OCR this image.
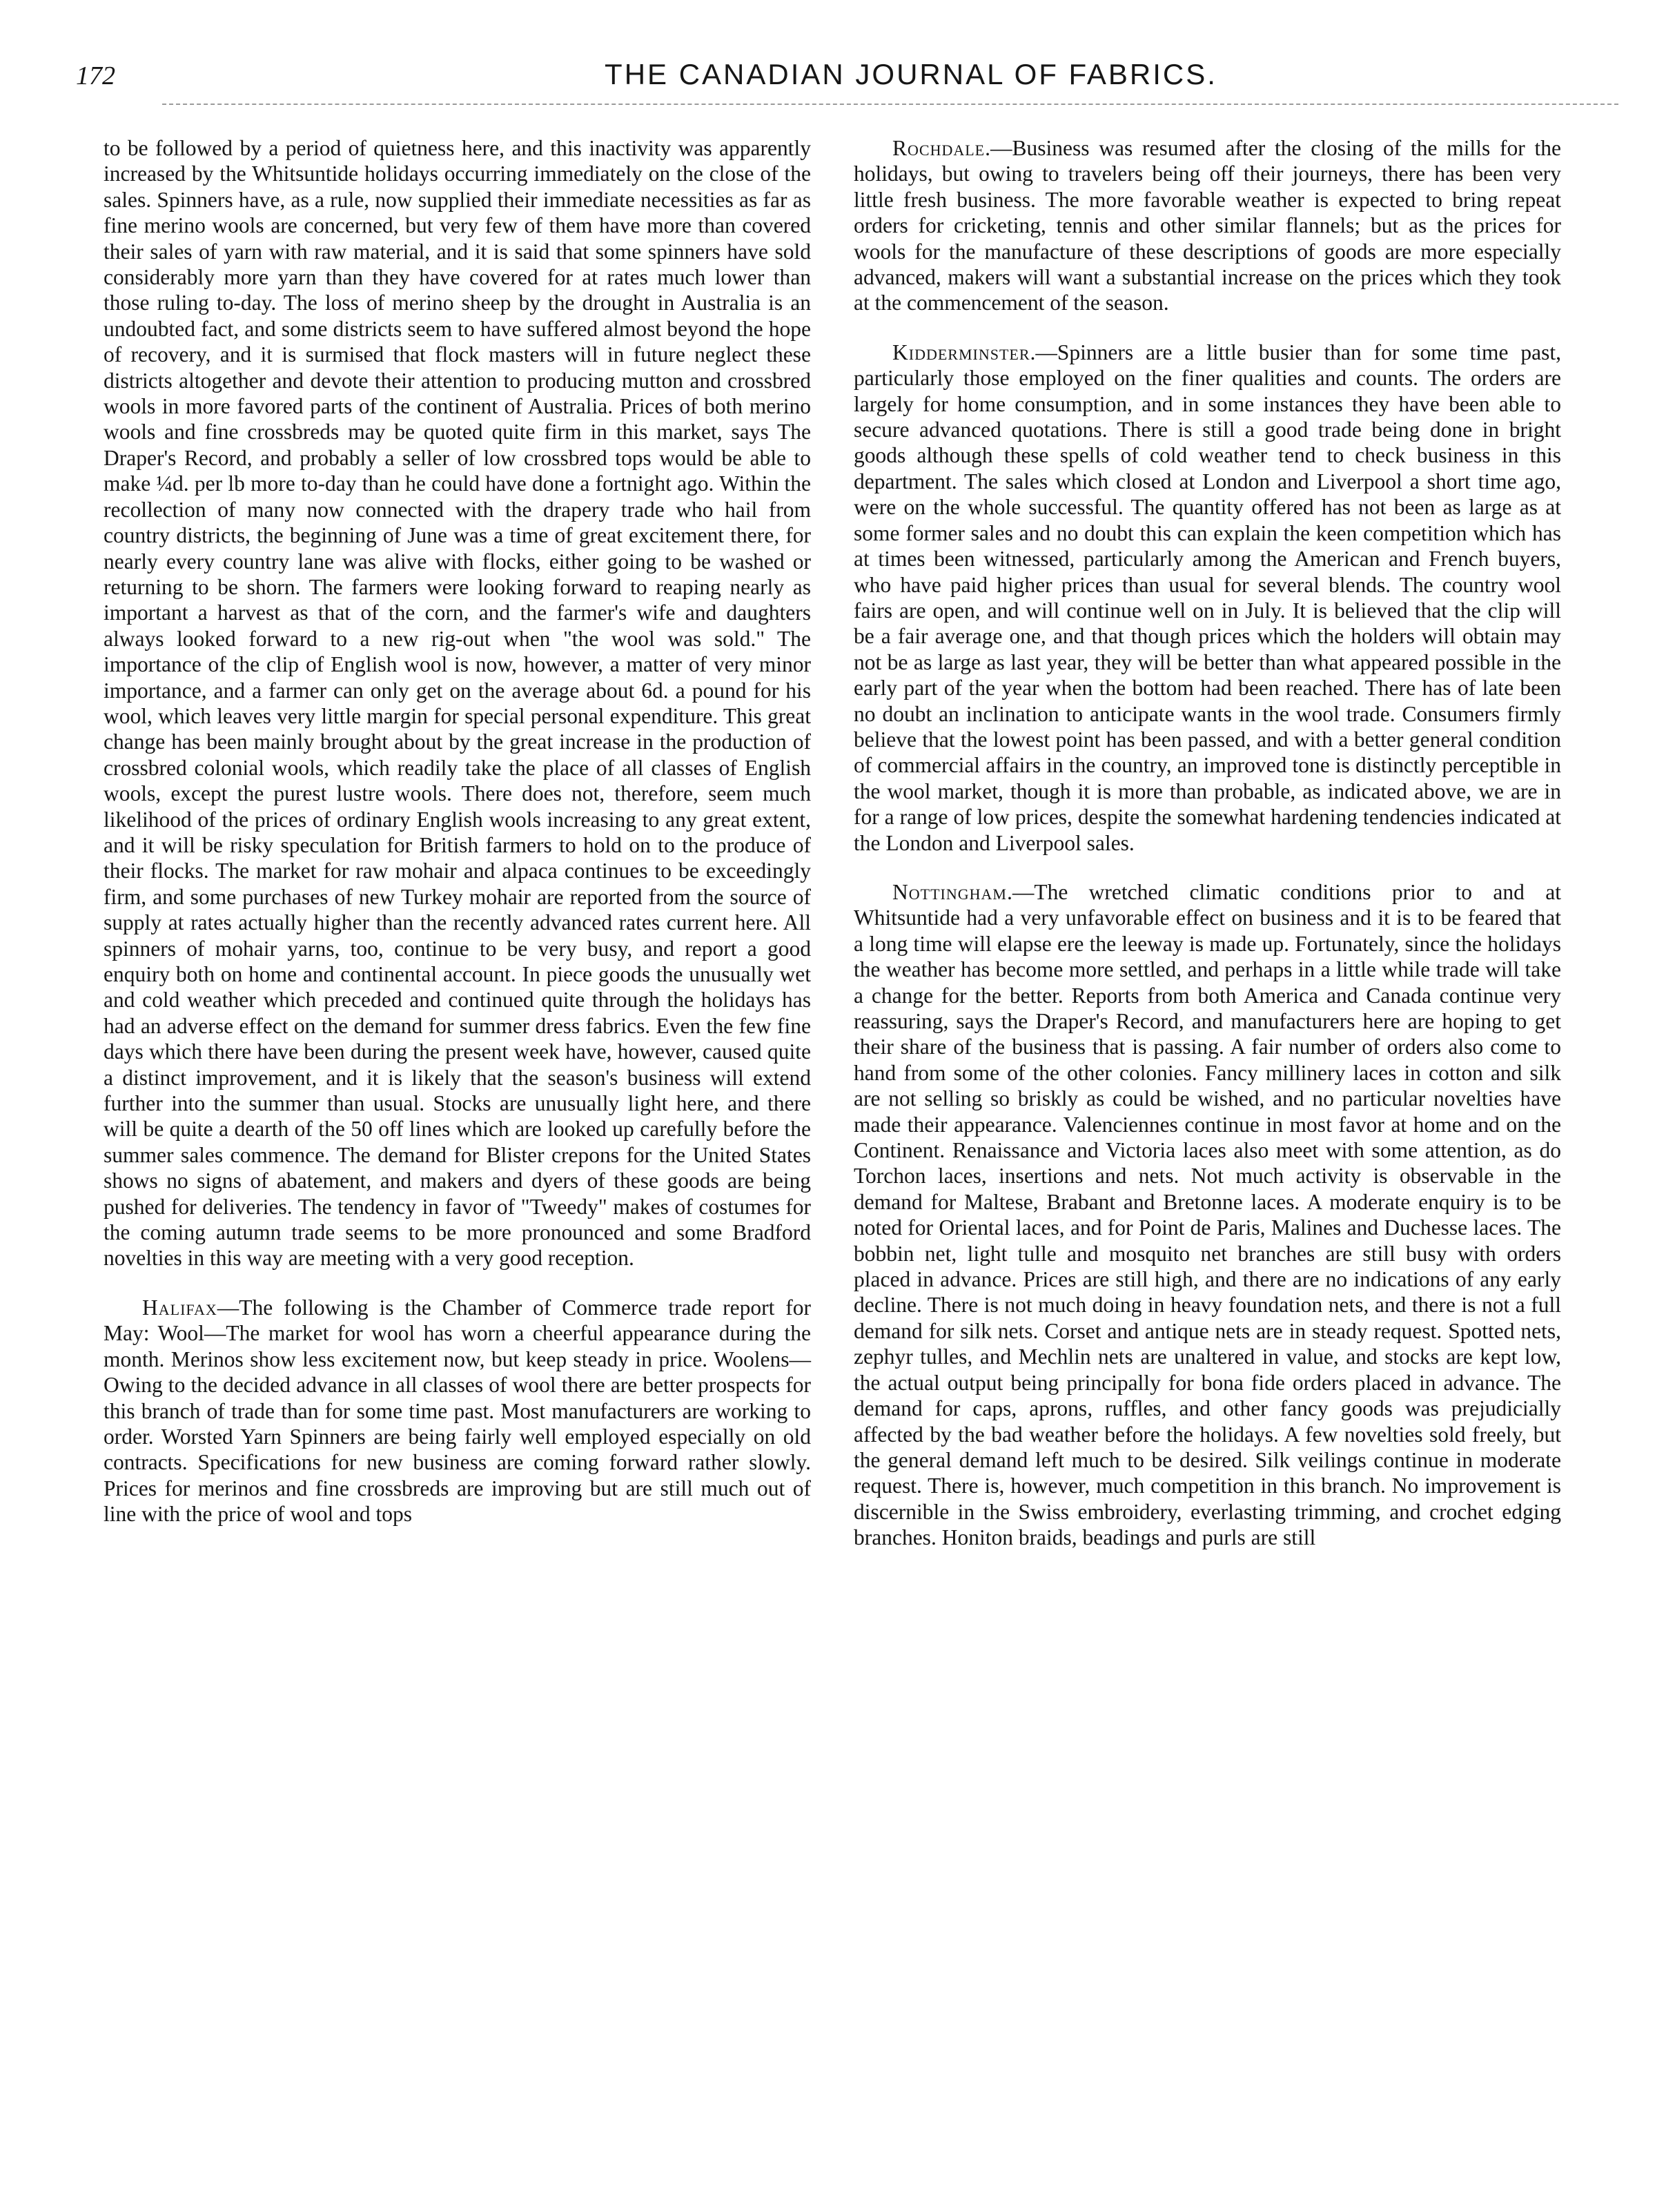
172	THE CANADIAN JOURNAL OF FABRICS.

to be followed by a period of quietness here, and this inactivity was apparently increased by the Whitsuntide holidays occurring immediately on the close of the sales. Spinners have, as a rule, now supplied their immediate necessities as far as fine merino wools are concerned, but very few of them have more than covered their sales of yarn with raw material, and it is said that some spinners have sold considerably more yarn than they have covered for at rates much lower than those ruling to-day. The loss of merino sheep by the drought in Australia is an undoubted fact, and some districts seem to have suffered almost beyond the hope of recovery, and it is surmised that flock masters will in future neglect these districts altogether and devote their attention to producing mutton and crossbred wools in more favored parts of the continent of Australia. Prices of both merino wools and fine crossbreds may be quoted quite firm in this market, says The Draper's Record, and probably a seller of low crossbred tops would be able to make ¼d. per lb more to-day than he could have done a fortnight ago. Within the recollection of many now connected with the drapery trade who hail from country districts, the beginning of June was a time of great excitement there, for nearly every country lane was alive with flocks, either going to be washed or returning to be shorn. The farmers were looking forward to reaping nearly as important a harvest as that of the corn, and the farmer's wife and daughters always looked forward to a new rig-out when "the wool was sold." The importance of the clip of English wool is now, however, a matter of very minor importance, and a farmer can only get on the average about 6d. a pound for his wool, which leaves very little margin for special personal expenditure. This great change has been mainly brought about by the great increase in the production of crossbred colonial wools, which readily take the place of all classes of English wools, except the purest lustre wools. There does not, therefore, seem much likelihood of the prices of ordinary English wools increasing to any great extent, and it will be risky speculation for British farmers to hold on to the produce of their flocks. The market for raw mohair and alpaca continues to be exceedingly firm, and some purchases of new Turkey mohair are reported from the source of supply at rates actually higher than the recently advanced rates current here. All spinners of mohair yarns, too, continue to be very busy, and report a good enquiry both on home and continental account. In piece goods the unusually wet and cold weather which preceded and continued quite through the holidays has had an adverse effect on the demand for summer dress fabrics. Even the few fine days which there have been during the present week have, however, caused quite a distinct improvement, and it is likely that the season's business will extend further into the summer than usual. Stocks are unusually light here, and there will be quite a dearth of the 50 off lines which are looked up carefully before the summer sales commence. The demand for Blister crepons for the United States shows no signs of abatement, and makers and dyers of these goods are being pushed for deliveries. The tendency in favor of "Tweedy" makes of costumes for the coming autumn trade seems to be more pronounced and some Bradford novelties in this way are meeting with a very good reception.

Halifax—The following is the Chamber of Commerce trade report for May: Wool—The market for wool has worn a cheerful appearance during the month. Merinos show less excitement now, but keep steady in price. Woolens—Owing to the decided advance in all classes of wool there are better prospects for this branch of trade than for some time past. Most manufacturers are working to order. Worsted Yarn Spinners are being fairly well employed especially on old contracts. Specifications for new business are coming forward rather slowly. Prices for merinos and fine crossbreds are improving but are still much out of line with the price of wool and tops

Rochdale.—Business was resumed after the closing of the mills for the holidays, but owing to travelers being off their journeys, there has been very little fresh business. The more favorable weather is expected to bring repeat orders for cricketing, tennis and other similar flannels; but as the prices for wools for the manufacture of these descriptions of goods are more especially advanced, makers will want a substantial increase on the prices which they took at the commencement of the season.

Kidderminster.—Spinners are a little busier than for some time past, particularly those employed on the finer qualities and counts. The orders are largely for home consumption, and in some instances they have been able to secure advanced quotations. There is still a good trade being done in bright goods although these spells of cold weather tend to check business in this department. The sales which closed at London and Liverpool a short time ago, were on the whole successful. The quantity offered has not been as large as at some former sales and no doubt this can explain the keen competition which has at times been witnessed, particularly among the American and French buyers, who have paid higher prices than usual for several blends. The country wool fairs are open, and will continue well on in July. It is believed that the clip will be a fair average one, and that though prices which the holders will obtain may not be as large as last year, they will be better than what appeared possible in the early part of the year when the bottom had been reached. There has of late been no doubt an inclination to anticipate wants in the wool trade. Consumers firmly believe that the lowest point has been passed, and with a better general condition of commercial affairs in the country, an improved tone is distinctly perceptible in the wool market, though it is more than probable, as indicated above, we are in for a range of low prices, despite the somewhat hardening tendencies indicated at the London and Liverpool sales.

Nottingham.—The wretched climatic conditions prior to and at Whitsuntide had a very unfavorable effect on business and it is to be feared that a long time will elapse ere the leeway is made up. Fortunately, since the holidays the weather has become more settled, and perhaps in a little while trade will take a change for the better. Reports from both America and Canada continue very reassuring, says the Draper's Record, and manufacturers here are hoping to get their share of the business that is passing. A fair number of orders also come to hand from some of the other colonies. Fancy millinery laces in cotton and silk are not selling so briskly as could be wished, and no particular novelties have made their appearance. Valenciennes continue in most favor at home and on the Continent. Renaissance and Victoria laces also meet with some attention, as do Torchon laces, insertions and nets. Not much activity is observable in the demand for Maltese, Brabant and Bretonne laces. A moderate enquiry is to be noted for Oriental laces, and for Point de Paris, Malines and Duchesse laces. The bobbin net, light tulle and mosquito net branches are still busy with orders placed in advance. Prices are still high, and there are no indications of any early decline. There is not much doing in heavy foundation nets, and there is not a full demand for silk nets. Corset and antique nets are in steady request. Spotted nets, zephyr tulles, and Mechlin nets are unaltered in value, and stocks are kept low, the actual output being principally for bona fide orders placed in advance. The demand for caps, aprons, ruffles, and other fancy goods was prejudicially affected by the bad weather before the holidays. A few novelties sold freely, but the general demand left much to be desired. Silk veilings continue in moderate request. There is, however, much competition in this branch. No improvement is discernible in the Swiss embroidery, everlasting trimming, and crochet edging branches. Honiton braids, beadings and purls are still
